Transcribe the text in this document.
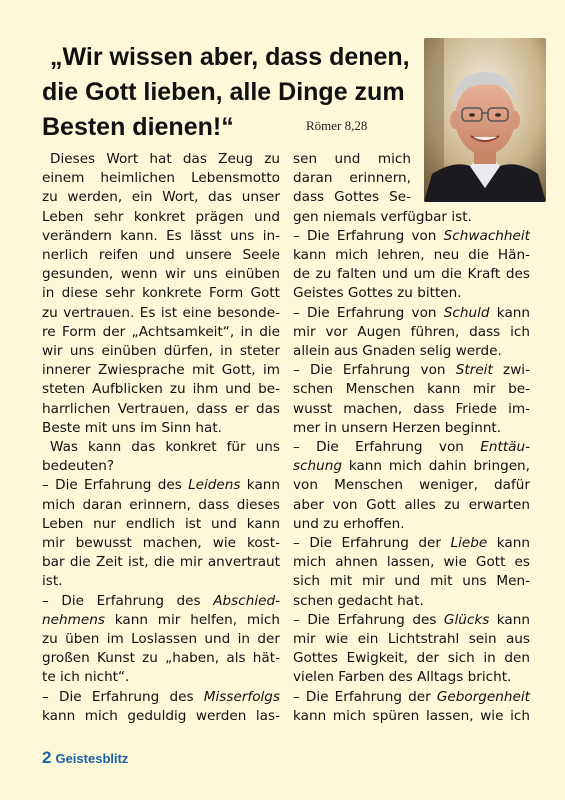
„Wir wissen aber, dass denen,
die Gott lieben, alle Dinge zum
Besten dienen!“	Römer 8,28
Dieses Wort hat das Zeug zu
einem heimlichen Lebensmotto
zu werden, ein Wort, das unser
Leben sehr konkret prägen und
verändern kann. Es lässt uns in-
nerlich reifen und unsere Seele
gesunden, wenn wir uns einüben
in diese sehr konkrete Form Gott
zu vertrauen. Es ist eine besonde-
re Form der „Achtsamkeit“, in die
wir uns einüben dürfen, in steter
innerer Zwiesprache mit Gott, im
steten Aufblicken zu ihm und be-
harrlichen Vertrauen, dass er das
Beste mit uns im Sinn hat.
Was kann das konkret für uns
bedeuten?
– Die Erfahrung des Leidens kann
mich daran erinnern, dass dieses
Leben nur endlich ist und kann
mir bewusst machen, wie kost-
bar die Zeit ist, die mir anvertraut
ist.
– Die Erfahrung des Abschied-
nehmens kann mir helfen, mich
zu üben im Loslassen und in der
großen Kunst zu „haben, als hät-
te ich nicht“.
– Die Erfahrung des Misserfolgs
kann mich geduldig werden las-
sen und mich
daran erinnern,
dass Gottes Se-
gen niemals verfügbar ist.
– Die Erfahrung von Schwachheit
kann mich lehren, neu die Hän-
de zu falten und um die Kraft des
Geistes Gottes zu bitten.
– Die Erfahrung von Schuld kann
mir vor Augen führen, dass ich
allein aus Gnaden selig werde.
– Die Erfahrung von Streit zwi-
schen Menschen kann mir be-
wusst machen, dass Friede im-
mer in unsern Herzen beginnt.
– Die Erfahrung von Enttäu-
schung kann mich dahin bringen,
von Menschen weniger, dafür
aber von Gott alles zu erwarten
und zu erhoffen.
– Die Erfahrung der Liebe kann
mich ahnen lassen, wie Gott es
sich mit mir und mit uns Men-
schen gedacht hat.
– Die Erfahrung des Glücks kann
mir wie ein Lichtstrahl sein aus
Gottes Ewigkeit, der sich in den
vielen Farben des Alltags bricht.
– Die Erfahrung der Geborgenheit
kann mich spüren lassen, wie ich
2 Geistesblitz
